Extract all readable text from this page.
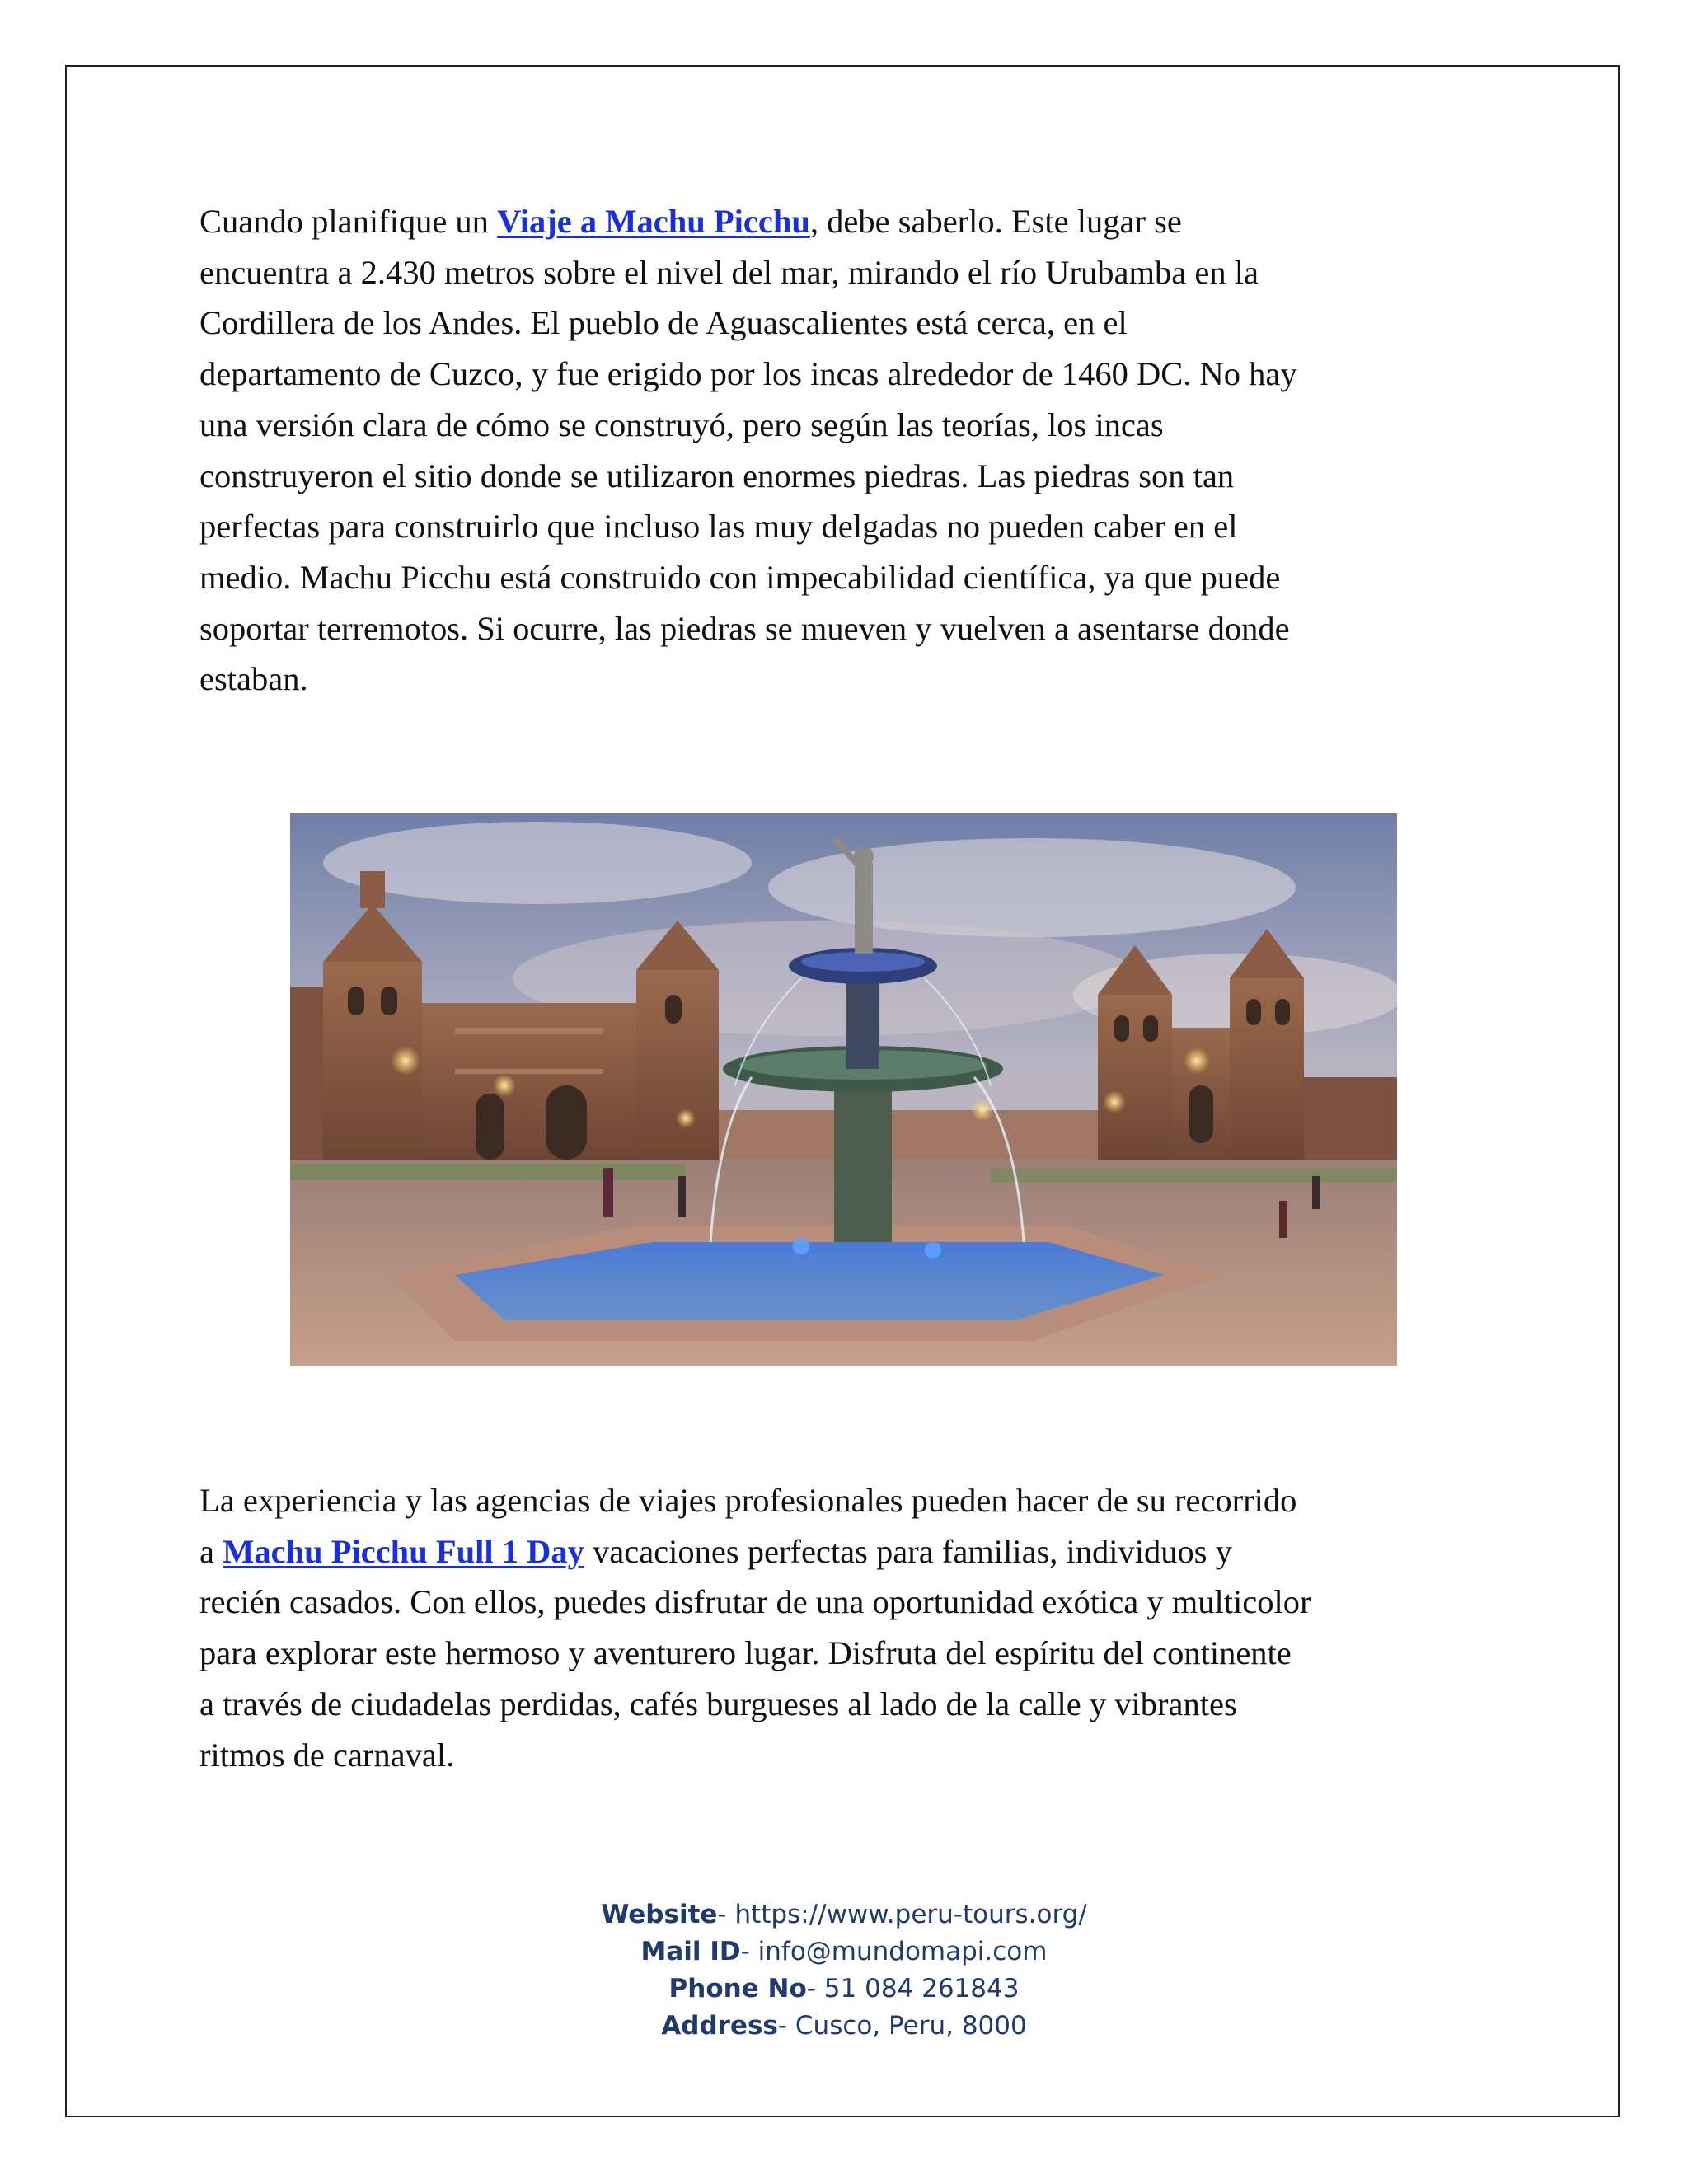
Cuando planifique un Viaje a Machu Picchu, debe saberlo. Este lugar se
encuentra a 2.430 metros sobre el nivel del mar, mirando el río Urubamba en la
Cordillera de los Andes. El pueblo de Aguascalientes está cerca, en el
departamento de Cuzco, y fue erigido por los incas alrededor de 1460 DC. No hay
una versión clara de cómo se construyó, pero según las teorías, los incas
construyeron el sitio donde se utilizaron enormes piedras. Las piedras son tan
perfectas para construirlo que incluso las muy delgadas no pueden caber en el
medio. Machu Picchu está construido con impecabilidad científica, ya que puede
soportar terremotos. Si ocurre, las piedras se mueven y vuelven a asentarse donde
estaban.

La experiencia y las agencias de viajes profesionales pueden hacer de su recorrido
a Machu Picchu Full 1 Day vacaciones perfectas para familias, individuos y
recién casados. Con ellos, puedes disfrutar de una oportunidad exótica y multicolor
para explorar este hermoso y aventurero lugar. Disfruta del espíritu del continente
a través de ciudadelas perdidas, cafés burgueses al lado de la calle y vibrantes
ritmos de carnaval.

Website- https://www.peru-tours.org/
Mail ID- info@mundomapi.com
Phone No- 51 084 261843
Address- Cusco, Peru, 8000
